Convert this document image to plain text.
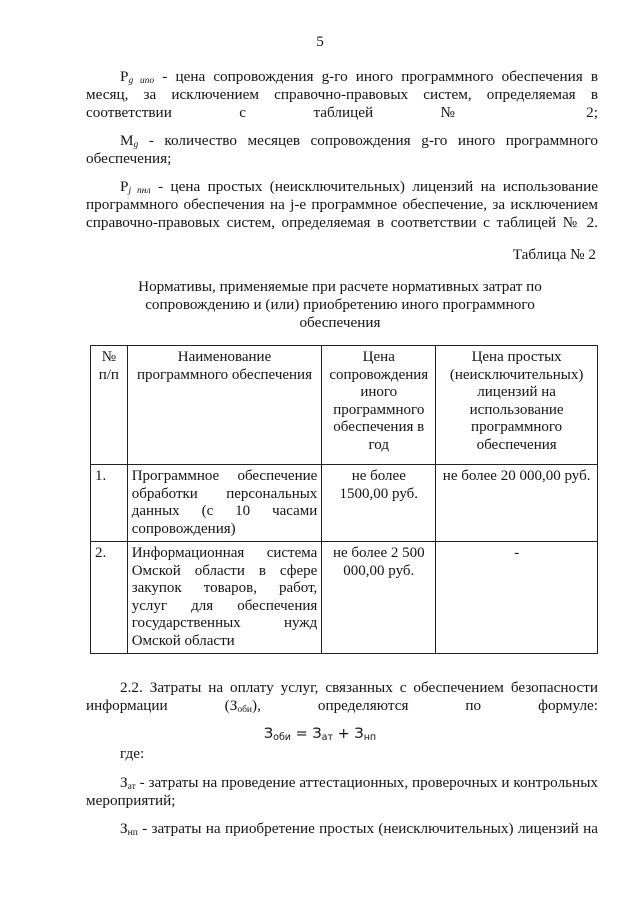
5
$P_{g ипо}$ - цена сопровождения g-го иного программного обеспечения в месяц, за исключением справочно-правовых систем, определяемая в соответствии с таблицей № 2;
$M_g$ - количество месяцев сопровождения g-го иного программного обеспечения;
$P_{j пнл}$ - цена простых (неисключительных) лицензий на использование программного обеспечения на j-е программное обеспечение, за исключением справочно-правовых систем, определяемая в соответствии с таблицей № 2.
Таблица № 2
Нормативы, применяемые при расчете нормативных затрат по сопровождению и (или) приобретению иного программного обеспечения
№ п/п	Наименование программного обеспечения	Цена сопровождения иного программного обеспечения в год	Цена простых (неисключительных) лицензий на использование программного обеспечения
1.	Программное обеспечение обработки персональных данных (с 10 часами сопровождения)	не более 1500,00 руб.	не более 20 000,00 руб.
2.	Информационная система Омской области в сфере закупок товаров, работ, услуг для обеспечения государственных нужд Омской области	не более 2 500 000,00 руб.	-
2.2. Затраты на оплату услуг, связанных с обеспечением безопасности информации $(З_{оби})$, определяются по формуле:
$З_{оби} = З_{ат} + З_{нп}$
где:
$З_{ат}$ - затраты на проведение аттестационных, проверочных и контрольных мероприятий;
$З_{нп}$ - затраты на приобретение простых (неисключительных) лицензий на
